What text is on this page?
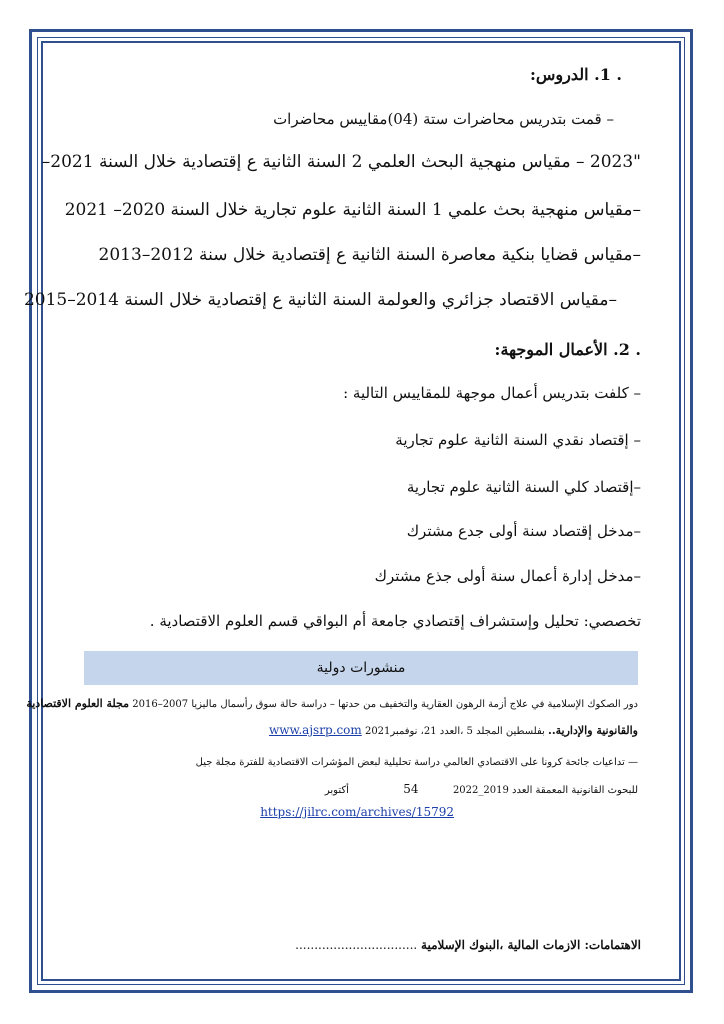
. 1. الدروس:
– قمت بتدريس محاضرات ستة (04)مقاييس محاضرات
"2023 – مقياس منهجية البحث العلمي 2 السنة الثانية ع إقتصادية خلال السنة 2021–
–مقياس منهجية بحث علمي 1 السنة الثانية علوم تجارية خلال السنة 2020– 2021
–مقياس قضايا بنكية معاصرة السنة الثانية ع إقتصادية خلال سنة 2012–2013
–مقياس الاقتصاد جزائري والعولمة السنة الثانية ع إقتصادية خلال السنة 2014–2015
. 2. الأعمال الموجهة:
– كلفت بتدريس أعمال موجهة للمقاييس التالية :
– إقتصاد نقدي السنة الثانية علوم تجارية
–إقتصاد كلي السنة الثانية علوم تجارية
–مدخل إقتصاد سنة أولى جدع مشترك
–مدخل إدارة أعمال سنة أولى جذع مشترك
تخصصي: تحليل وإستشراف إقتصادي جامعة أم البواقي قسم العلوم الاقتصادية .
منشورات دولية
دور الصكوك الإسلامية في علاج أزمة الرهون العقارية والتخفيف من حدتها – دراسة حالة سوق رأسمال ماليزيا 2007–2016 مجلة العلوم الاقتصادية
والقانونية والإدارية.. بفلسطين المجلد 5 ،العدد 21، نوفمبر2021 www.ajsrp.com
— تداعيات جائحة كرونا على الاقتصادي العالمي دراسة تحليلية لبعض المؤشرات الاقتصادية للفترة مجلة جيل
للبحوث القانونية المعمقة العدد 2019_2022  54  أكتوبر
https://jilrc.com/archives/15792
الاهتمامات: الازمات المالية ،البنوك الإسلامية ................................
